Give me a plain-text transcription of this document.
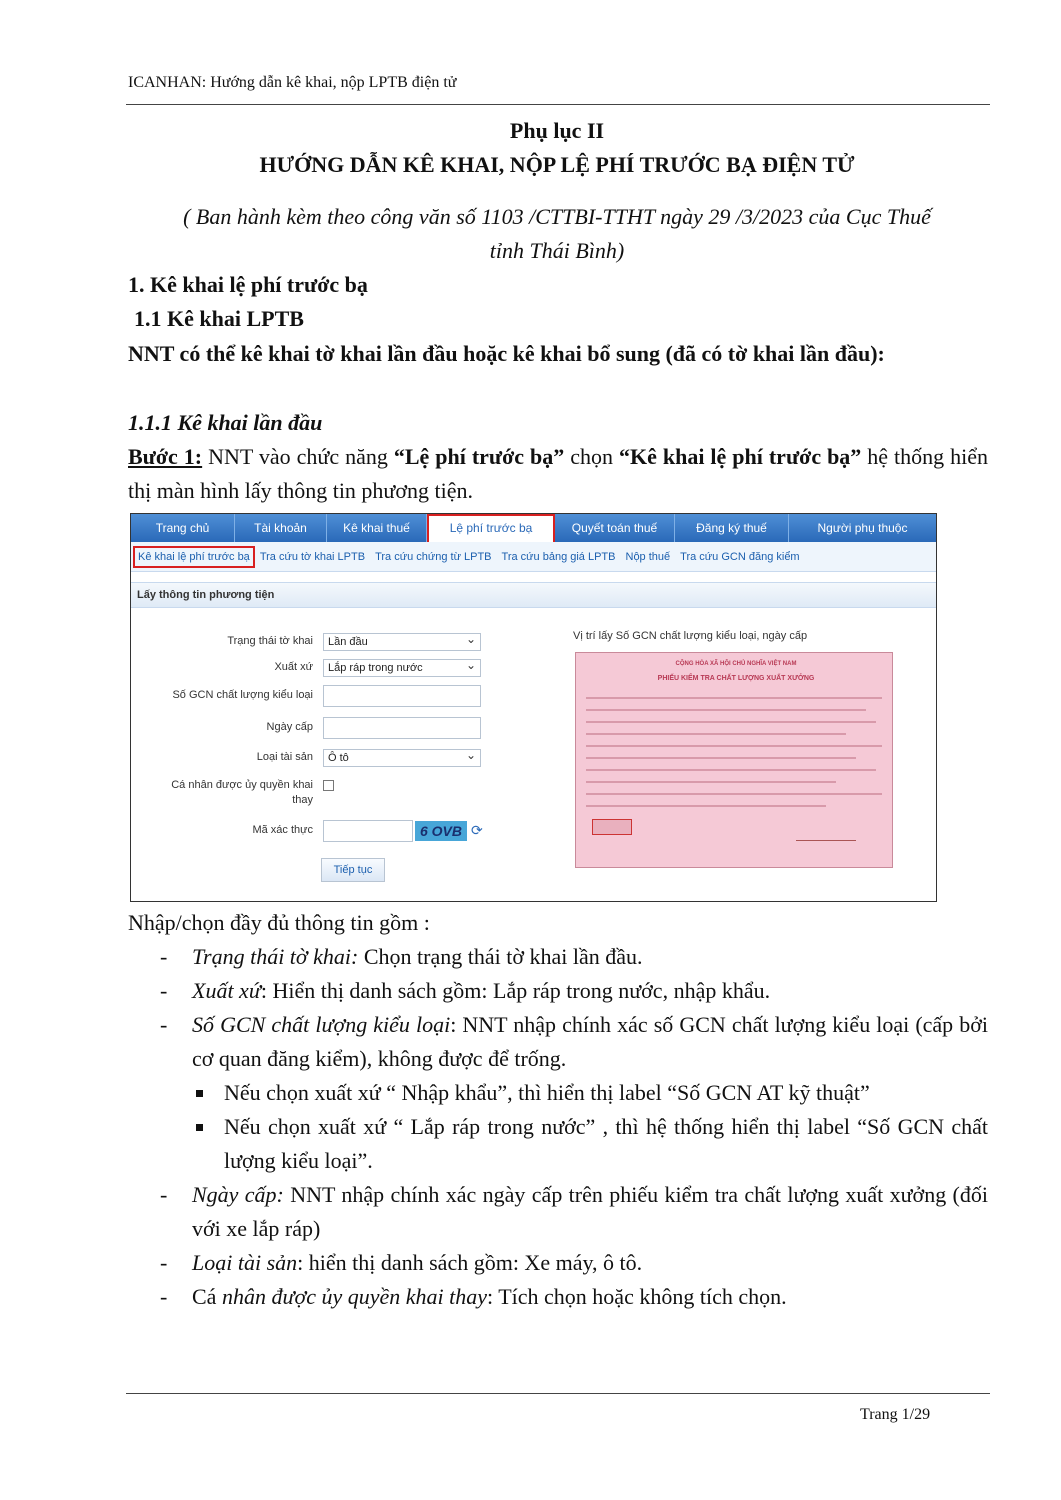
ICANHAN: Hướng dẫn kê khai, nộp LPTB điện tử
Phụ lục II
HƯỚNG DẪN KÊ KHAI, NỘP LỆ PHÍ TRƯỚC BẠ ĐIỆN TỬ
( Ban hành kèm theo công văn số 1103 /CTTBI-TTHT ngày 29 /3/2023 của Cục Thuế
tỉnh Thái Bình)
1. Kê khai lệ phí trước bạ
1.1 Kê khai LPTB
NNT có thể kê khai tờ khai lần đầu hoặc kê khai bổ sung (đã có tờ khai lần đầu):
1.1.1 Kê khai lần đầu
Bước 1: NNT vào chức năng “Lệ phí trước bạ” chọn “Kê khai lệ phí trước bạ” hệ thống hiển thị màn hình lấy thông tin phương tiện.
Trang chủ	Tài khoản	Kê khai thuế	Lệ phí trước bạ	Quyết toán thuế	Đăng ký thuế	Người phụ thuộc
Kê khai lệ phí trước bạ Tra cứu tờ khai LPTB Tra cứu chứng từ LPTB Tra cứu bảng giá LPTB Nộp thuế Tra cứu GCN đăng kiểm
Lấy thông tin phương tiện
Trạng thái tờ khai	Lần đầu ⌄
Xuất xứ	Lắp ráp trong nước ⌄
Số GCN chất lượng kiểu loại
Ngày cấp
Loại tài sản	Ô tô ⌄
Cá nhân được ủy quyền khai
thay
Mã xác thực	6 OVB ⟳
Tiếp tục
Vị trí lấy Số GCN chất lượng kiểu loại, ngày cấp
CỘNG HÒA XÃ HỘI CHỦ NGHĨA VIỆT NAM
PHIẾU KIỂM TRA CHẤT LƯỢNG XUẤT XƯỞNG
Nhập/chọn đầy đủ thông tin gồm :
- Trạng thái tờ khai: Chọn trạng thái tờ khai lần đầu.
- Xuất xứ: Hiển thị danh sách gồm: Lắp ráp trong nước, nhập khẩu.
- Số GCN chất lượng kiểu loại: NNT nhập chính xác số GCN chất lượng kiểu loại (cấp bởi cơ quan đăng kiểm), không được để trống.
Nếu chọn xuất xứ “ Nhập khẩu”, thì hiển thị label “Số GCN AT kỹ thuật”
Nếu chọn xuất xứ “ Lắp ráp trong nước” , thì hệ thống hiển thị label “Số GCN chất lượng kiểu loại”.
- Ngày cấp: NNT nhập chính xác ngày cấp trên phiếu kiểm tra chất lượng xuất xưởng (đối với xe lắp ráp)
- Loại tài sản: hiển thị danh sách gồm: Xe máy, ô tô.
- Cá nhân được ủy quyền khai thay: Tích chọn hoặc không tích chọn.
Trang 1/29
